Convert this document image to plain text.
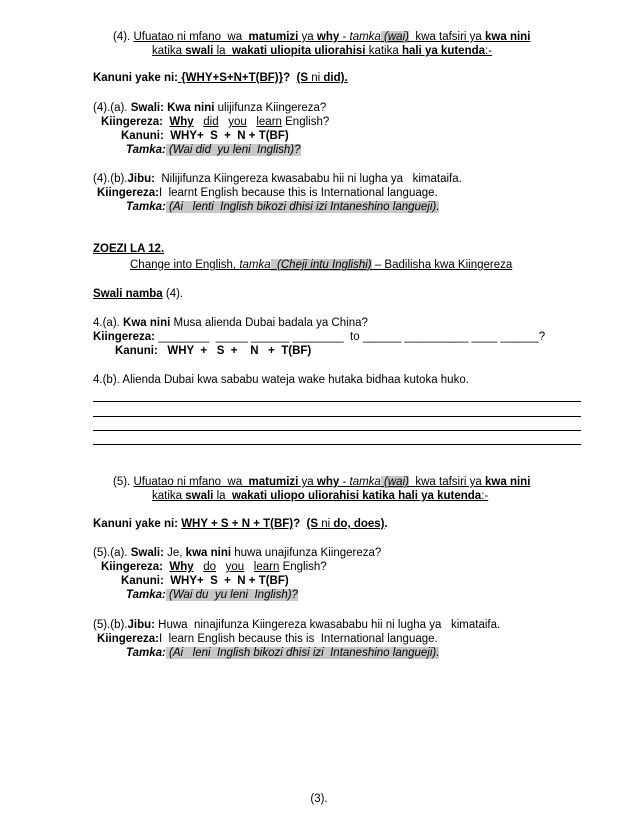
(4). Ufuatao ni mfano  wa  matumizi ya why - tamka (wai)  kwa tafsiri ya kwa nini
katika swali la  wakati uliopita uliorahisi katika hali ya kutenda:-
Kanuni yake ni: {WHY+S+N+T(BF)}?  (S ni did).
(4).(a). Swali: Kwa nini ulijifunza Kiingereza?
Kiingereza:  Why did you learn English?
Kanuni:  WHY+  S  +  N + T(BF)
Tamka: (Wai did  yu leni  Inglish)?
(4).(b).Jibu:  Nilijifunza Kiingereza kwasababu hii ni lugha ya   kimataifa.
Kiingereza:I  learnt English because this is International language.
Tamka: (Ai   lenti  Inglish bikozi dhisi izi Intaneshino langueji).
ZOEZI LA 12.
Change into English, tamka  (Cheji intu Inglishi) – Badilisha kwa Kiingereza
Swali namba (4).
4.(a). Kwa nini Musa alienda Dubai badala ya China?
Kiingereza: ________  _____ ______ ________  to ______ __________ ____ ______?
Kanuni:   WHY  +   S  +    N   +  T(BF)
4.(b). Alienda Dubai kwa sababu wateja wake hutaka bidhaa kutoka huko.
(5). Ufuatao ni mfano  wa  matumizi ya why - tamka (wai)  kwa tafsiri ya kwa nini
katika swali la  wakati uliopo uliorahisi katika hali ya kutenda:-
Kanuni yake ni: WHY + S + N + T(BF)?  (S ni do, does).
(5).(a). Swali: Je, kwa nini huwa unajifunza Kiingereza?
Kiingereza:  Why do you learn English?
Kanuni:  WHY+  S  +  N + T(BF)
Tamka: (Wai du  yu leni  Inglish)?
(5).(b).Jibu: Huwa  ninajifunza Kiingereza kwasababu hii ni lugha ya   kimataifa.
Kiingereza:I  learn English because this is  International language.
Tamka: (Ai   leni  Inglish bikozi dhisi izi  Intaneshino langueji).
(3).
